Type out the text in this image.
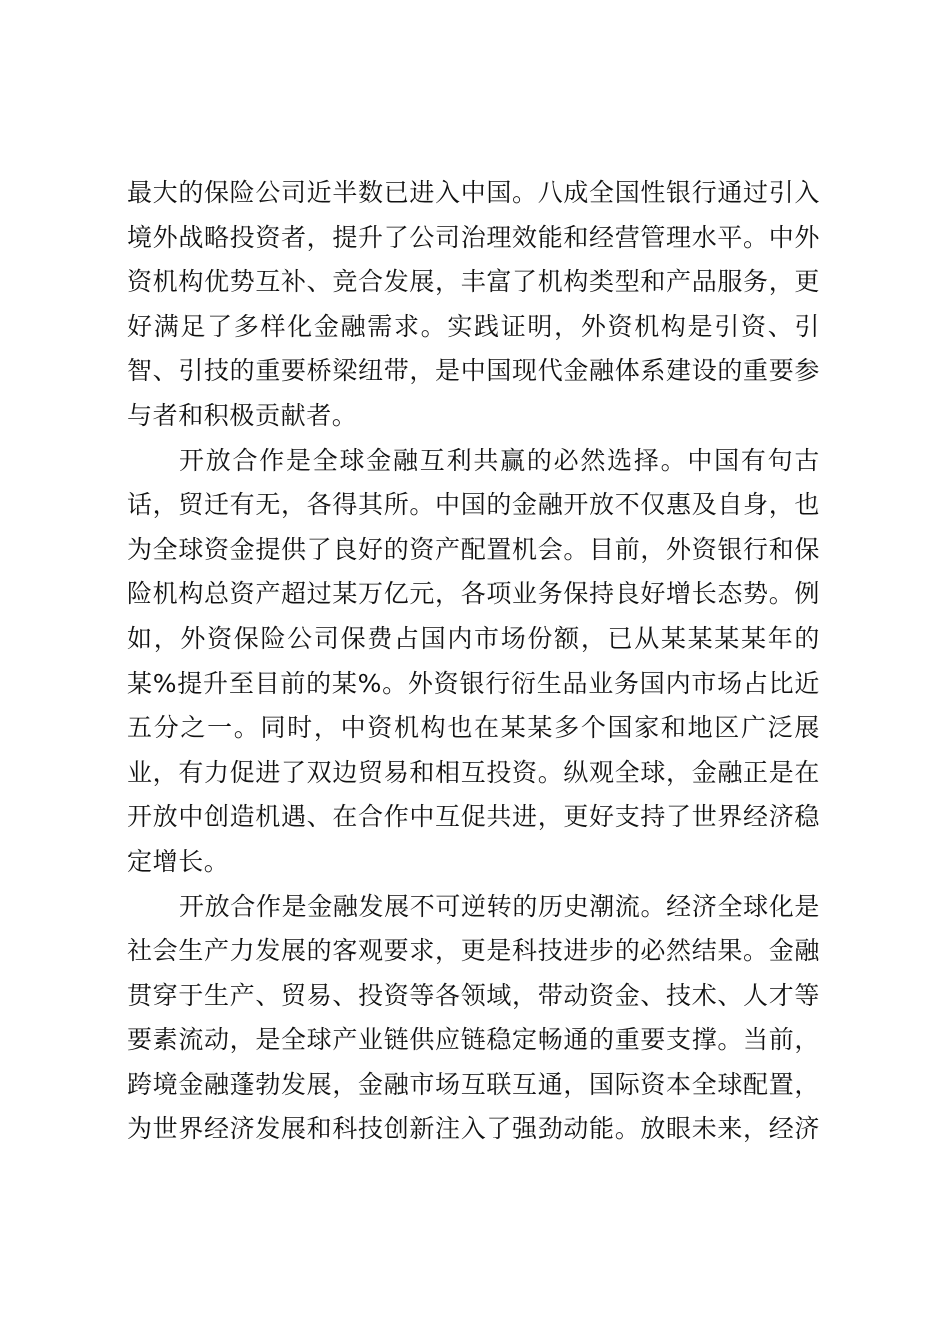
最大的保险公司近半数已进入中国。八成全国性银行通过引入
境外战略投资者，提升了公司治理效能和经营管理水平。中外
资机构优势互补、竞合发展，丰富了机构类型和产品服务，更
好满足了多样化金融需求。实践证明，外资机构是引资、引
智、引技的重要桥梁纽带，是中国现代金融体系建设的重要参
与者和积极贡献者。
开放合作是全球金融互利共赢的必然选择。中国有句古
话，贸迁有无，各得其所。中国的金融开放不仅惠及自身，也
为全球资金提供了良好的资产配置机会。目前，外资银行和保
险机构总资产超过某万亿元，各项业务保持良好增长态势。例
如，外资保险公司保费占国内市场份额，已从某某某某年的
某%提升至目前的某%。外资银行衍生品业务国内市场占比近
五分之一。同时，中资机构也在某某多个国家和地区广泛展
业，有力促进了双边贸易和相互投资。纵观全球，金融正是在
开放中创造机遇、在合作中互促共进，更好支持了世界经济稳
定增长。
开放合作是金融发展不可逆转的历史潮流。经济全球化是
社会生产力发展的客观要求，更是科技进步的必然结果。金融
贯穿于生产、贸易、投资等各领域，带动资金、技术、人才等
要素流动，是全球产业链供应链稳定畅通的重要支撑。当前，
跨境金融蓬勃发展，金融市场互联互通，国际资本全球配置，
为世界经济发展和科技创新注入了强劲动能。放眼未来，经济
